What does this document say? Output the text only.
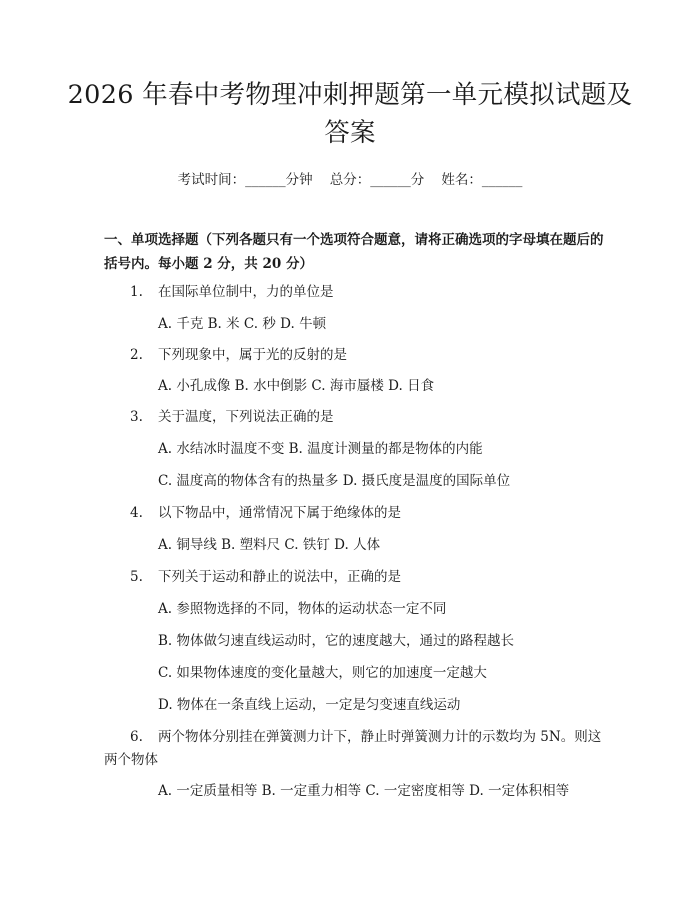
2026 年春中考物理冲刺押题第一单元模拟试题及答案
考试时间：______分钟    总分：______分    姓名：______
一、单项选择题（下列各题只有一个选项符合题意，请将正确选项的字母填在题后的括号内。每小题 2 分，共 20 分）
1. 在国际单位制中，力的单位是
A. 千克 B. 米 C. 秒 D. 牛顿
2. 下列现象中，属于光的反射的是
A. 小孔成像 B. 水中倒影 C. 海市蜃楼 D. 日食
3. 关于温度，下列说法正确的是
A. 水结冰时温度不变 B. 温度计测量的都是物体的内能
C. 温度高的物体含有的热量多 D. 摄氏度是温度的国际单位
4. 以下物品中，通常情况下属于绝缘体的是
A. 铜导线 B. 塑料尺 C. 铁钉 D. 人体
5. 下列关于运动和静止的说法中，正确的是
A. 参照物选择的不同，物体的运动状态一定不同
B. 物体做匀速直线运动时，它的速度越大，通过的路程越长
C. 如果物体速度的变化量越大，则它的加速度一定越大
D. 物体在一条直线上运动，一定是匀变速直线运动
6.	两个物体分别挂在弹簧测力计下，静止时弹簧测力计的示数均为 5N。则这两个物体
A. 一定质量相等 B. 一定重力相等 C. 一定密度相等 D. 一定体积相等
